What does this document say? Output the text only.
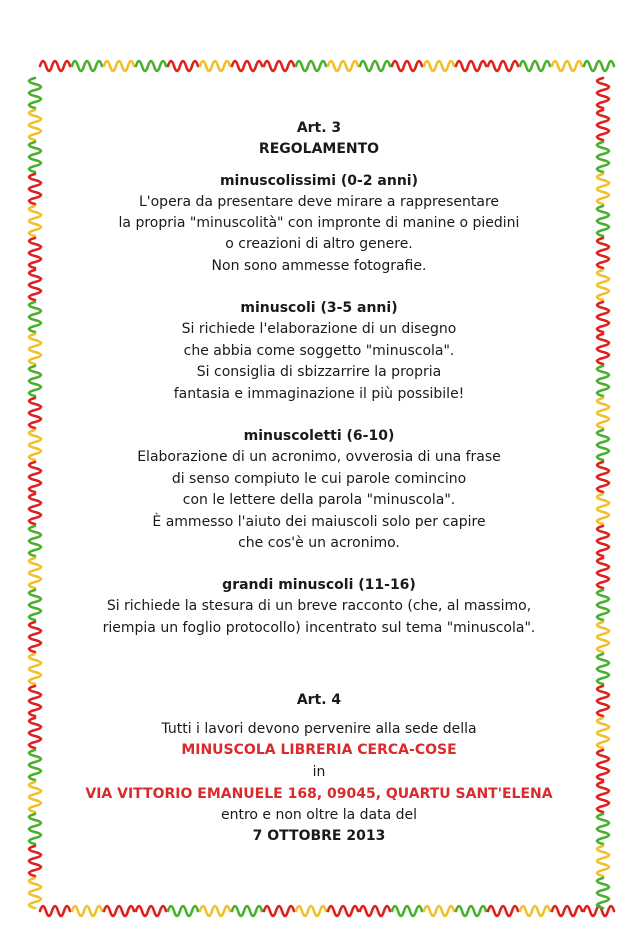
Art. 3
REGOLAMENTO
minuscolissimi (0-2 anni)
L'opera da presentare deve mirare a rappresentare
la propria "minuscolità" con impronte di manine o piedini
o creazioni di altro genere.
Non sono ammesse fotografie.
minuscoli (3-5 anni)
Si richiede l'elaborazione di un disegno
che abbia come soggetto "minuscola".
Si consiglia di sbizzarrire la propria
fantasia e immaginazione il più possibile!
minuscoletti (6-10)
Elaborazione di un acronimo, ovverosia di una frase
di senso compiuto le cui parole comincino
con le lettere della parola "minuscola".
È ammesso l'aiuto dei maiuscoli solo per capire
che cos'è un acronimo.
grandi minuscoli (11-16)
Si richiede la stesura di un breve racconto (che, al massimo,
riempia un foglio protocollo) incentrato sul tema "minuscola".
Art. 4
Tutti i lavori devono pervenire alla sede della
MINUSCOLA LIBRERIA CERCA-COSE
in
VIA VITTORIO EMANUELE 168, 09045, QUARTU SANT'ELENA
entro e non oltre la data del
7 OTTOBRE 2013
